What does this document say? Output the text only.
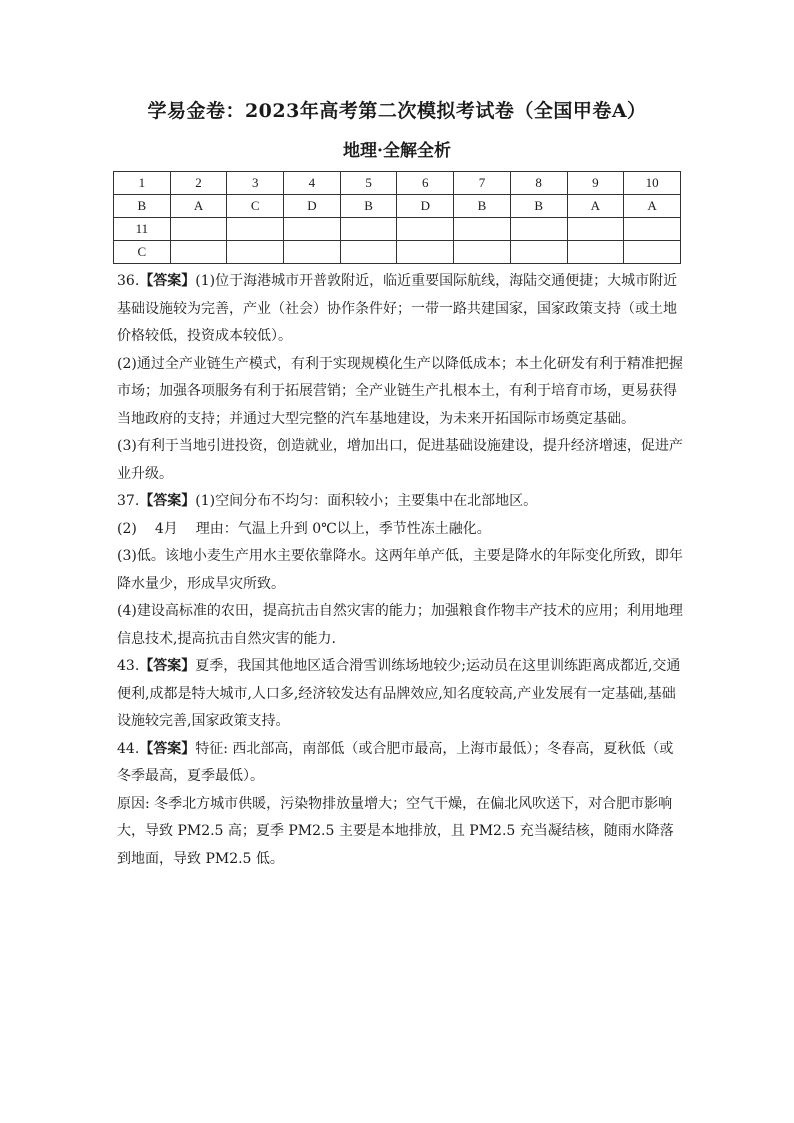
学易金卷：2023年高考第二次模拟考试卷（全国甲卷A）
地理·全解全析
1	2	3	4	5	6	7	8	9	10
B	A	C	D	B	D	B	B	A	A
11									
C									

36.【答案】(1)位于海港城市开普敦附近，临近重要国际航线，海陆交通便捷；大城市附近基础设施较为完善，产业（社会）协作条件好；一带一路共建国家，国家政策支持（或土地价格较低，投资成本较低）。

(2)通过全产业链生产模式，有利于实现规模化生产以降低成本；本土化研发有利于精准把握市场；加强各项服务有利于拓展营销；全产业链生产扎根本土，有利于培育市场，更易获得当地政府的支持；并通过大型完整的汽车基地建设，为未来开拓国际市场奠定基础。

(3)有利于当地引进投资，创造就业，增加出口，促进基础设施建设，提升经济增速，促进产业升级。

37.【答案】(1)空间分布不均匀：面积较小；主要集中在北部地区。

(2) 4月 理由：气温上升到 0℃以上，季节性冻土融化。

(3)低。该地小麦生产用水主要依靠降水。这两年单产低，主要是降水的年际变化所致，即年降水量少，形成旱灾所致。

(4)建设高标准的农田，提高抗击自然灾害的能力；加强粮食作物丰产技术的应用；利用地理信息技术,提高抗击自然灾害的能力.

43.【答案】夏季，我国其他地区适合滑雪训练场地较少;运动员在这里训练距离成都近,交通便利,成都是特大城市,人口多,经济较发达有品牌效应,知名度较高,产业发展有一定基础,基础设施较完善,国家政策支持。

44.【答案】特征: 西北部高，南部低（或合肥市最高，上海市最低）；冬春高，夏秋低（或冬季最高，夏季最低）。

原因: 冬季北方城市供暖，污染物排放量增大；空气干燥，在偏北风吹送下，对合肥市影响大，导致 PM2.5 高；夏季 PM2.5 主要是本地排放，且 PM2.5 充当凝结核，随雨水降落到地面，导致 PM2.5 低。
